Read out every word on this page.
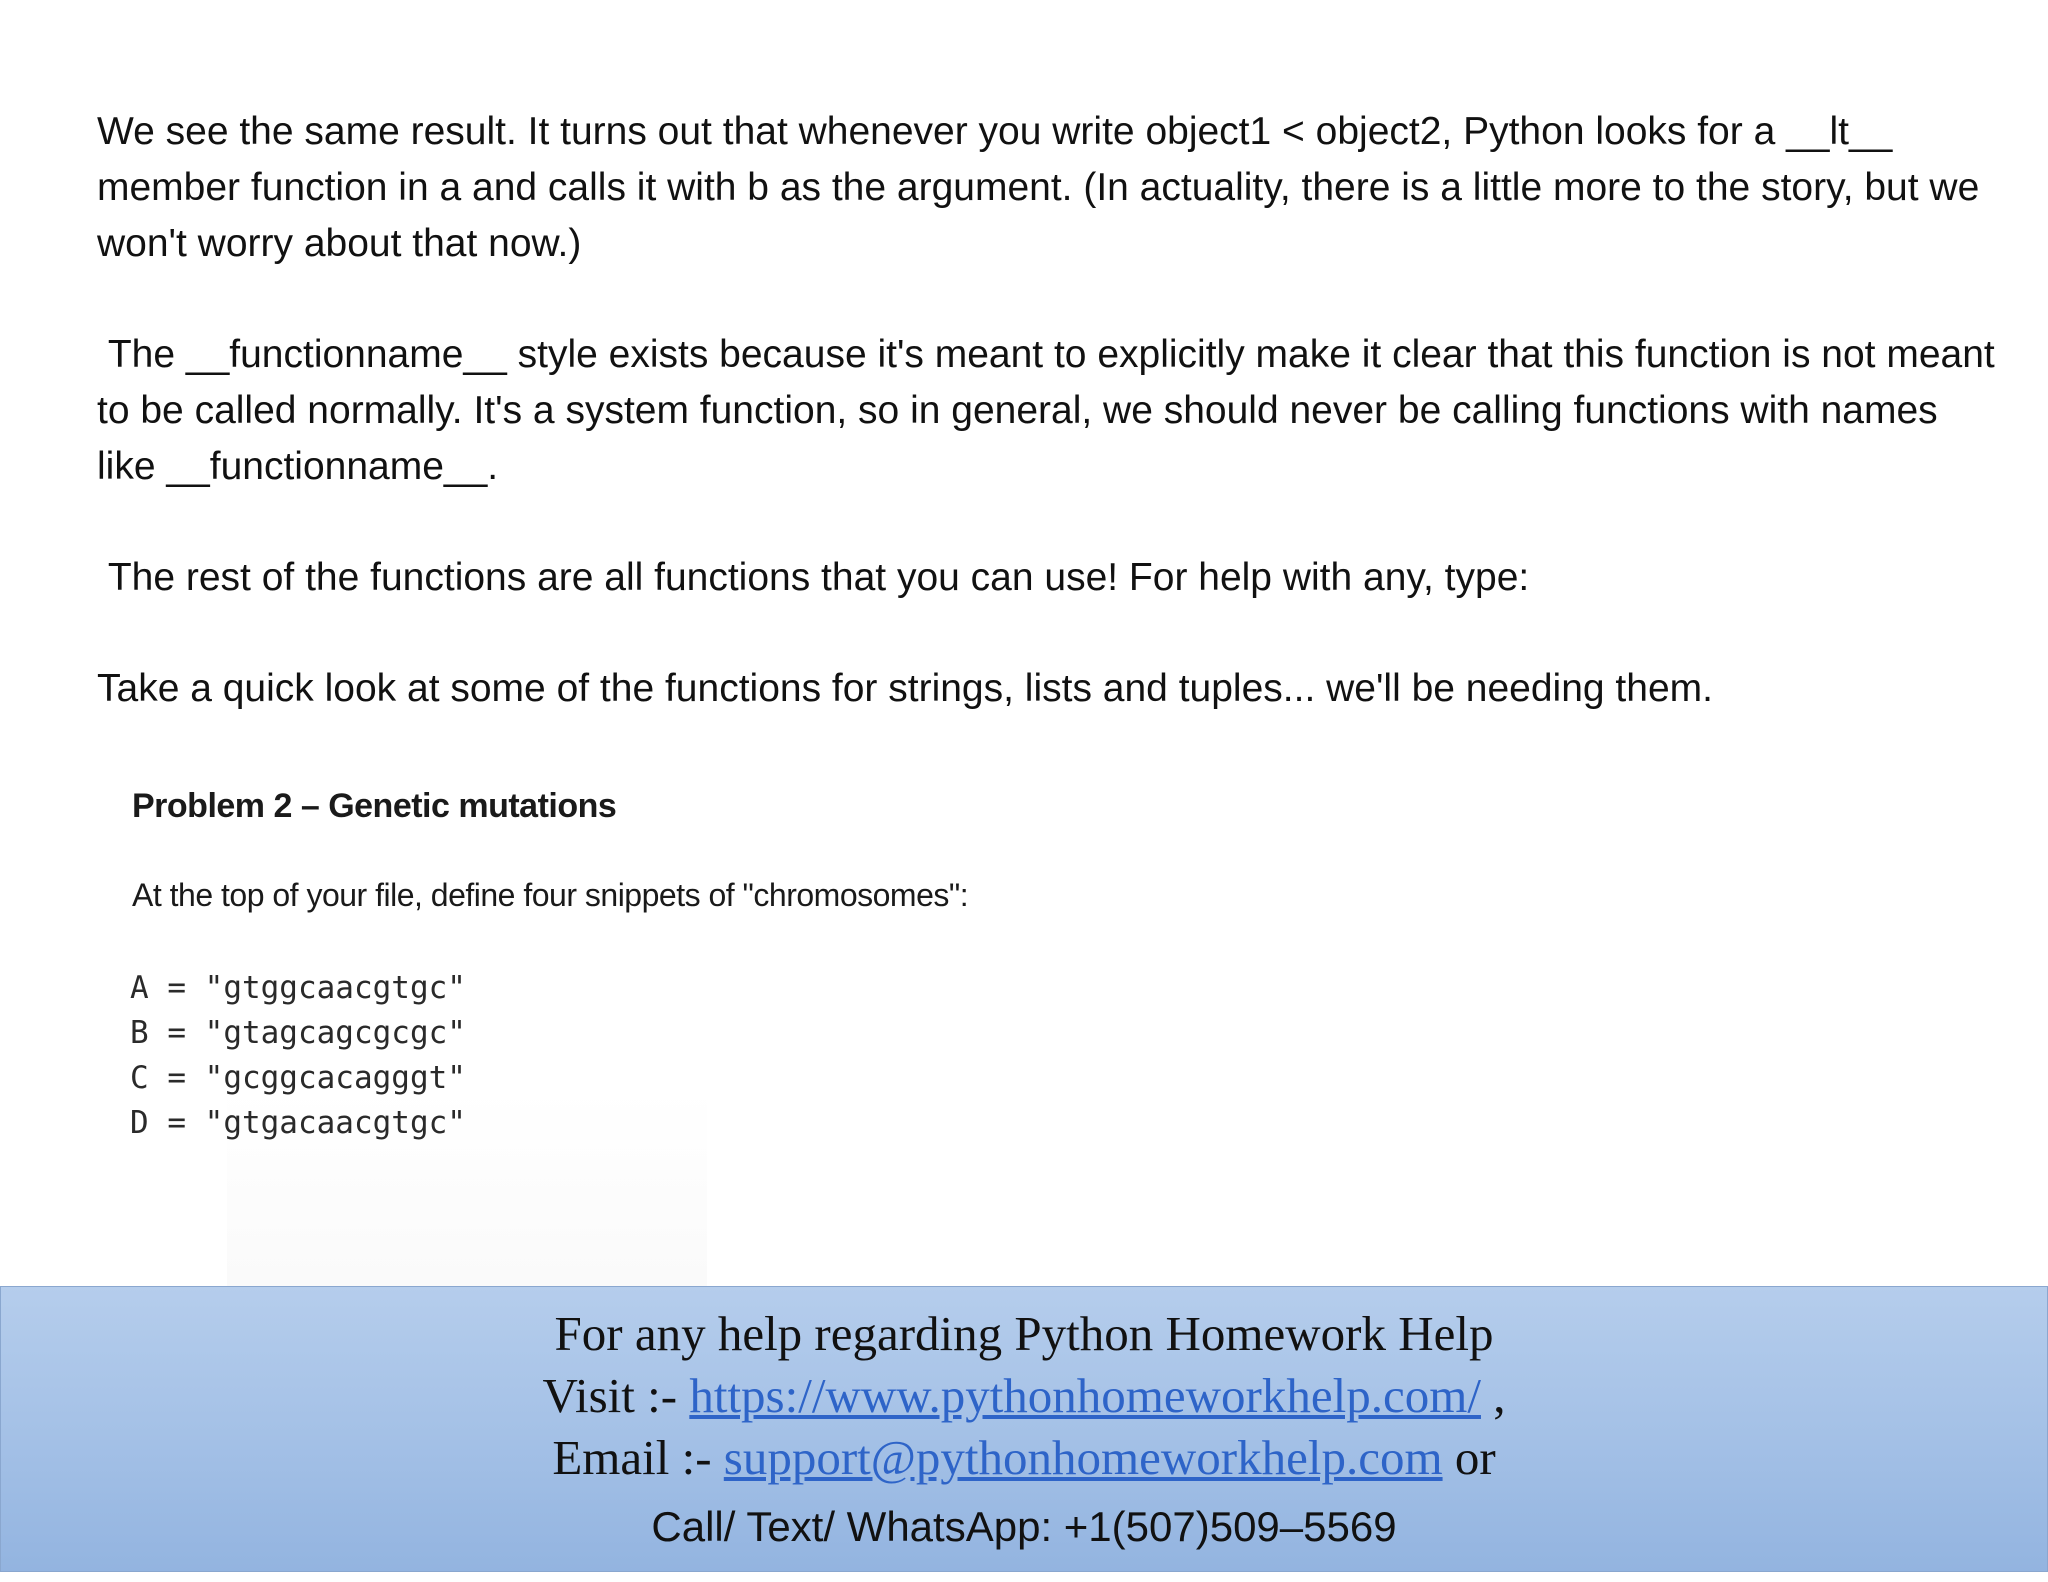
We see the same result. It turns out that whenever you write object1 < object2, Python looks for a __lt__ member function in a and calls it with b as the argument. (In actuality, there is a little more to the story, but we won't worry about that now.)

The __functionname__ style exists because it's meant to explicitly make it clear that this function is not meant to be called normally. It's a system function, so in general, we should never be calling functions with names like __functionname__.

The rest of the functions are all functions that you can use! For help with any, type:

Take a quick look at some of the functions for strings, lists and tuples... we'll be needing them.

Problem 2 – Genetic mutations
At the top of your file, define four snippets of "chromosomes":
A = "gtggcaacgtgc"
B = "gtagcagcgcgc"
C = "gcggcacagggt"
D = "gtgacaacgtgc"
For any help regarding Python Homework Help
Visit :- https://www.pythonhomeworkhelp.com/ ,
Email :- support@pythonhomeworkhelp.com or
Call/ Text/ WhatsApp: +1(507)509–5569
